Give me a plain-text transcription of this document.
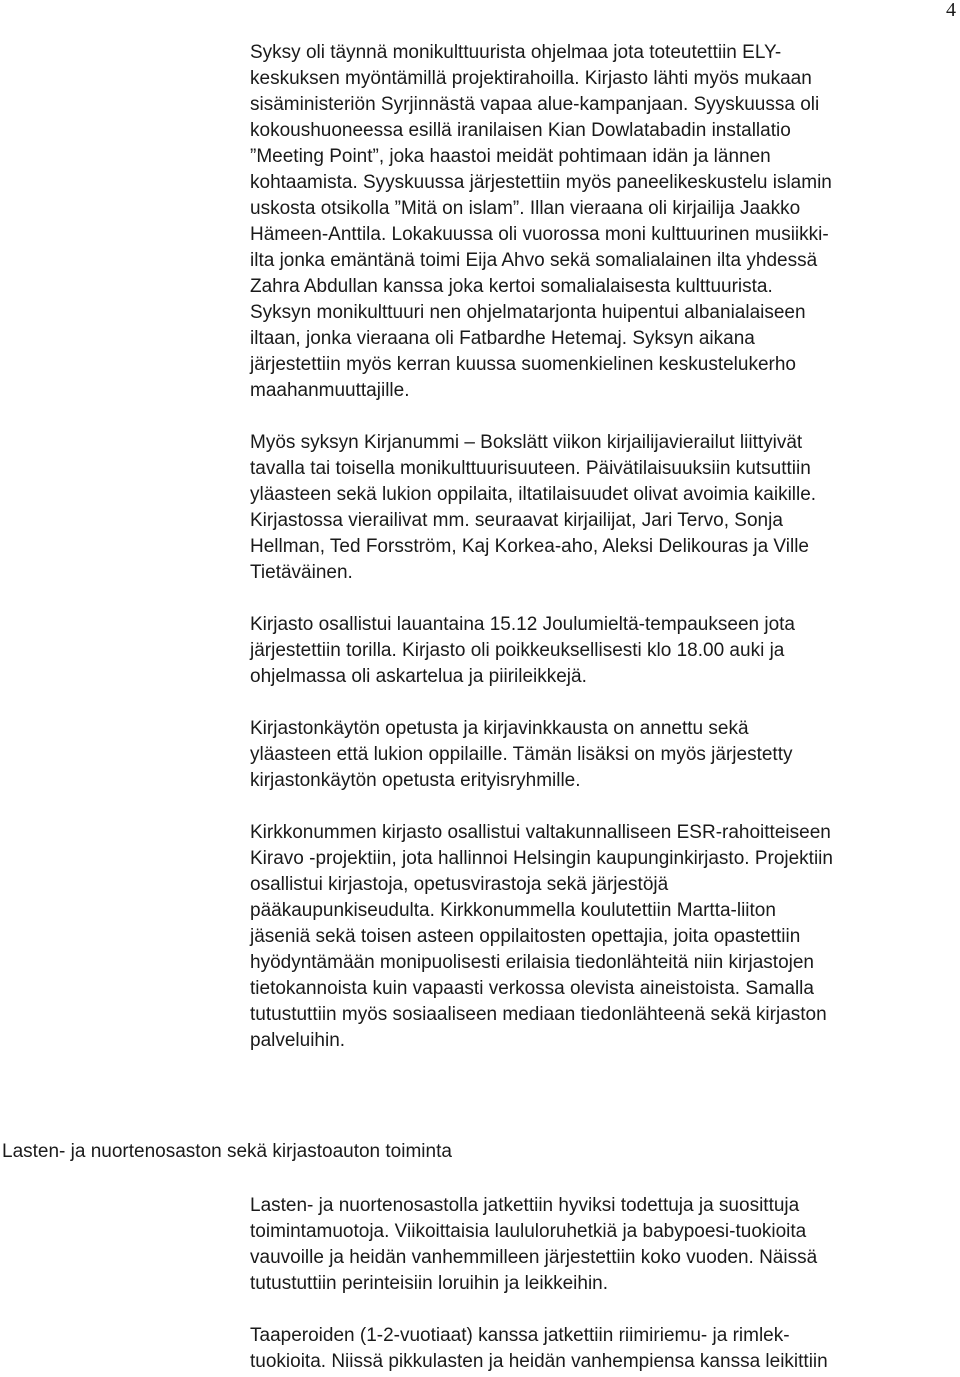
4

Syksy oli täynnä monikulttuurista ohjelmaa jota toteutettiin ELY-
keskuksen myöntämillä projektirahoilla. Kirjasto lähti myös mukaan
sisäministeriön Syrjinnästä vapaa alue-kampanjaan. Syyskuussa oli
kokoushuoneessa esillä iranilaisen Kian Dowlatabadin installatio
”Meeting Point”, joka haastoi meidät pohtimaan idän ja lännen
kohtaamista. Syyskuussa järjestettiin myös paneelikeskustelu islamin
uskosta otsikolla ”Mitä on islam”. Illan vieraana oli kirjailija Jaakko
Hämeen-Anttila. Lokakuussa oli vuorossa moni kulttuurinen musiikki-
ilta jonka emäntänä toimi Eija Ahvo sekä somalialainen ilta yhdessä
Zahra Abdullan kanssa joka kertoi somalialaisesta kulttuurista.
Syksyn monikulttuuri nen ohjelmatarjonta huipentui albanialaiseen
iltaan, jonka vieraana oli Fatbardhe Hetemaj. Syksyn aikana
järjestettiin myös kerran kuussa suomenkielinen keskustelukerho
maahanmuuttajille.

Myös syksyn Kirjanummi – Bokslätt viikon kirjailijavierailut liittyivät
tavalla tai toisella monikulttuurisuuteen. Päivätilaisuuksiin kutsuttiin
yläasteen sekä lukion oppilaita, iltatilaisuudet olivat avoimia kaikille.
Kirjastossa vierailivat mm. seuraavat kirjailijat, Jari Tervo, Sonja
Hellman, Ted Forsström, Kaj Korkea-aho, Aleksi Delikouras ja Ville
Tietäväinen.

Kirjasto osallistui lauantaina 15.12 Joulumieltä-tempaukseen jota
järjestettiin torilla. Kirjasto oli poikkeuksellisesti klo 18.00 auki ja
ohjelmassa oli askartelua ja piirileikkejä.

Kirjastonkäytön opetusta ja kirjavinkkausta on annettu sekä
yläasteen että lukion oppilaille. Tämän lisäksi on myös järjestetty
kirjastonkäytön opetusta erityisryhmille.

Kirkkonummen kirjasto osallistui valtakunnalliseen ESR-rahoitteiseen
Kiravo -projektiin, jota hallinnoi Helsingin kaupunginkirjasto. Projektiin
osallistui kirjastoja, opetusvirastoja sekä järjestöjä
pääkaupunkiseudulta. Kirkkonummella koulutettiin Martta-liiton
jäseniä sekä toisen asteen oppilaitosten opettajia, joita opastettiin
hyödyntämään monipuolisesti erilaisia tiedonlähteitä niin kirjastojen
tietokannoista kuin vapaasti verkossa olevista aineistoista. Samalla
tutustuttiin myös sosiaaliseen mediaan tiedonlähteenä sekä kirjaston
palveluihin.

Lasten- ja nuortenosaston sekä kirjastoauton toiminta

Lasten- ja nuortenosastolla jatkettiin hyviksi todettuja ja suosittuja
toimintamuotoja. Viikoittaisia laululoruhetkiä ja babypoesi-tuokioita
vauvoille ja heidän vanhemmilleen järjestettiin koko vuoden. Näissä
tutustuttiin perinteisiin loruihin ja leikkeihin.

Taaperoiden (1-2-vuotiaat) kanssa jatkettiin riimiriemu- ja rimlek-
tuokioita. Niissä pikkulasten ja heidän vanhempiensa kanssa leikittiin
